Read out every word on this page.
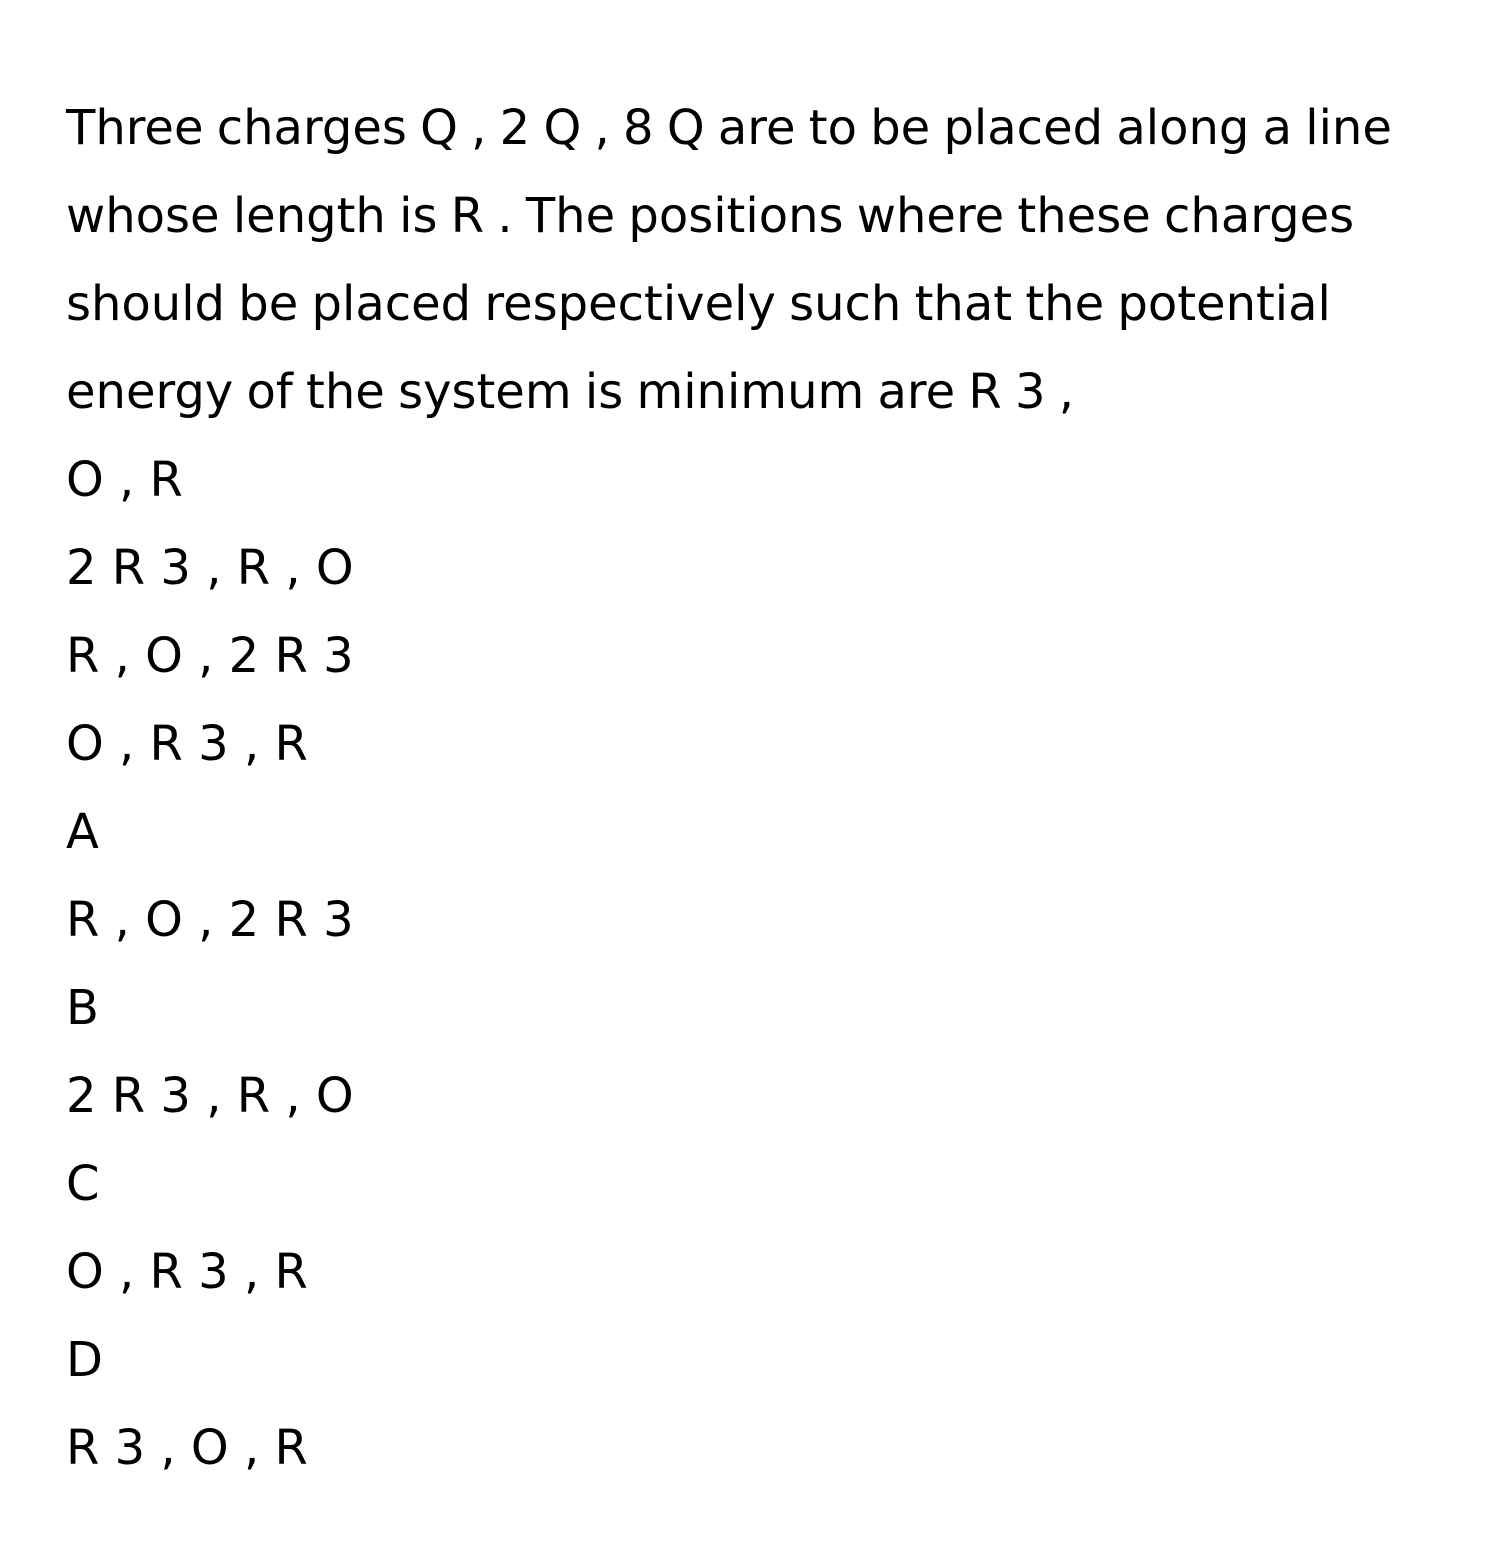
Three charges Q , 2 Q , 8 Q are to be placed along a line whose length is R . The positions where these charges should be placed respectively such that the potential energy of the system is minimum are R 3 ,

O , R
2 R 3 , R , O
R , O , 2 R 3
O , R 3 , R
A
R , O , 2 R 3
B
2 R 3 , R , O
C
O , R 3 , R
D
R 3 , O , R
